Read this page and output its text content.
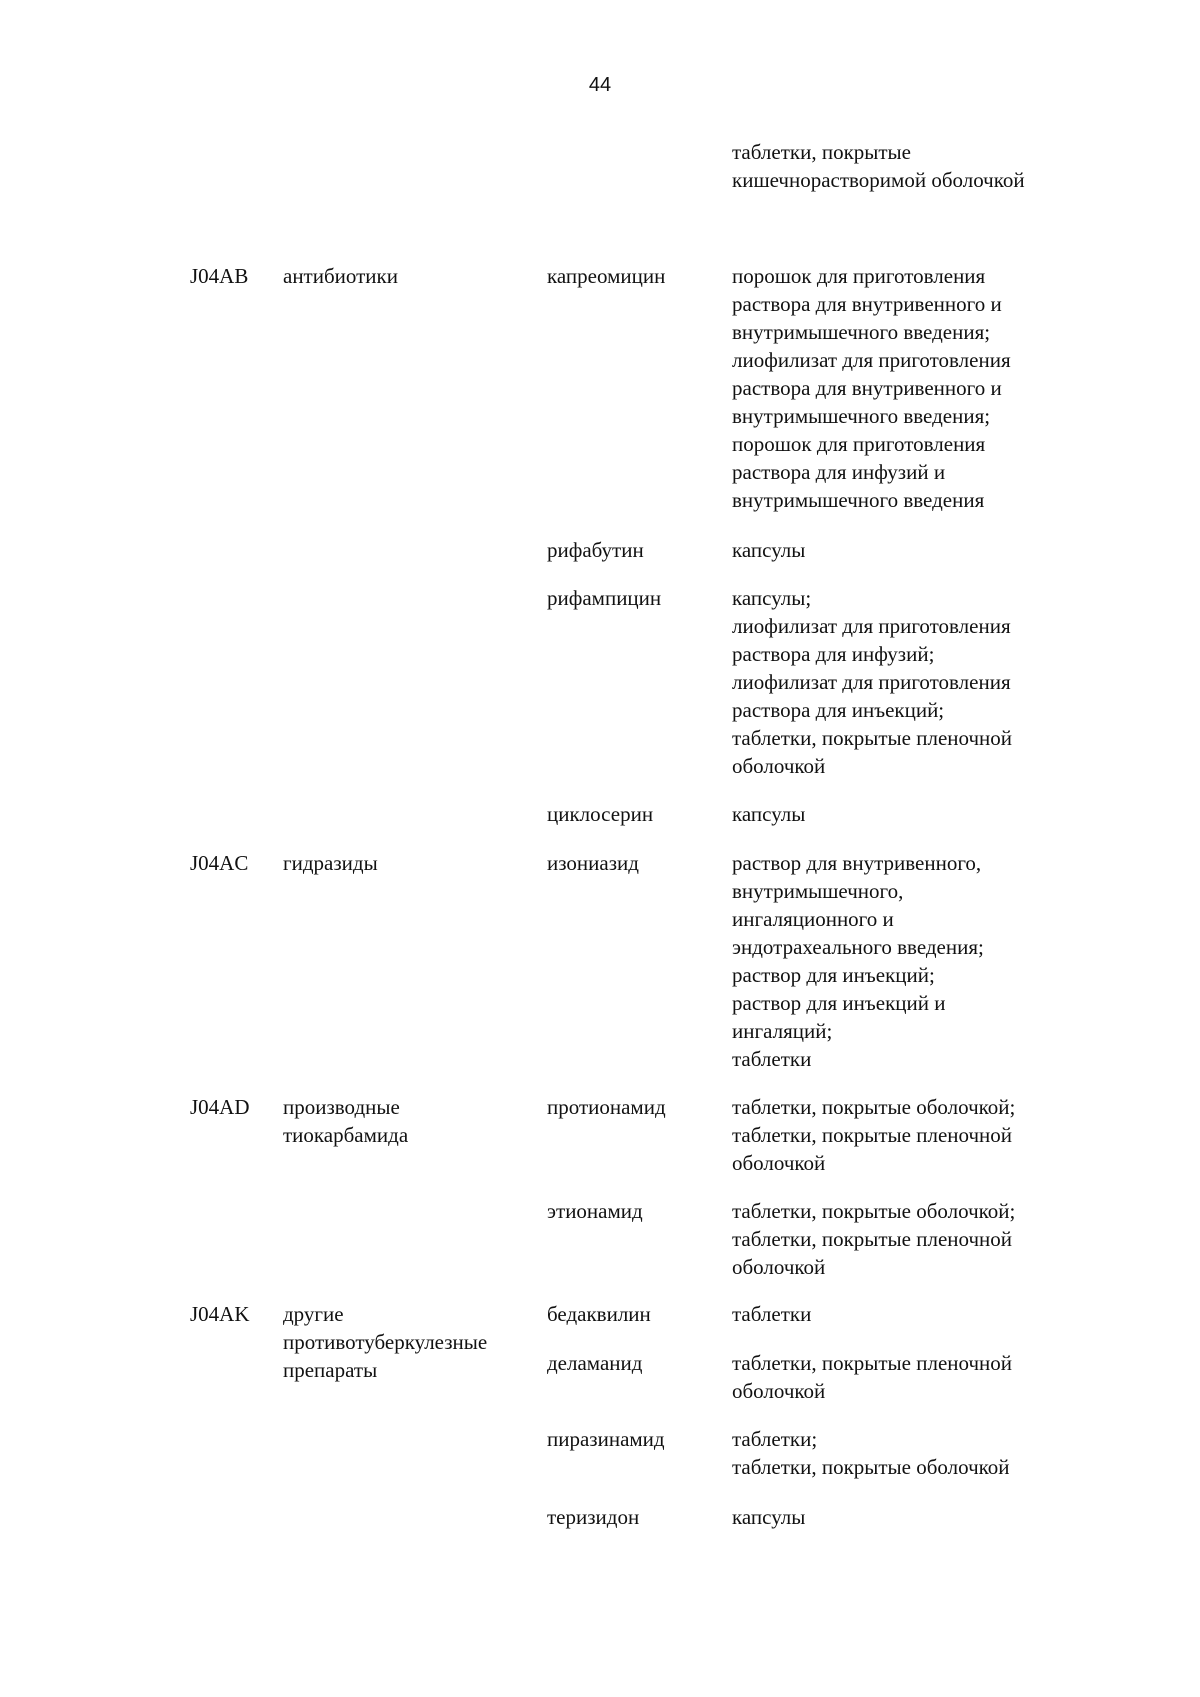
44
таблетки, покрытые
кишечнорастворимой оболочкой
J04AB	антибиотики	капреомицин	порошок для приготовления
раствора для внутривенного и
внутримышечного введения;
лиофилизат для приготовления
раствора для внутривенного и
внутримышечного введения;
порошок для приготовления
раствора для инфузий и
внутримышечного введения
рифабутин	капсулы
рифампицин	капсулы;
лиофилизат для приготовления
раствора для инфузий;
лиофилизат для приготовления
раствора для инъекций;
таблетки, покрытые пленочной
оболочкой
циклосерин	капсулы
J04AC	гидразиды	изониазид	раствор для внутривенного,
внутримышечного,
ингаляционного и
эндотрахеального введения;
раствор для инъекций;
раствор для инъекций и
ингаляций;
таблетки
J04AD	производные
тиокарбамида
протионамид	таблетки, покрытые оболочкой;
таблетки, покрытые пленочной
оболочкой
этионамид	таблетки, покрытые оболочкой;
таблетки, покрытые пленочной
оболочкой
J04AK	другие
противотуберкулезные
препараты
бедаквилин	таблетки
деламанид	таблетки, покрытые пленочной
оболочкой
пиразинамид	таблетки;
таблетки, покрытые оболочкой
теризидон	капсулы
